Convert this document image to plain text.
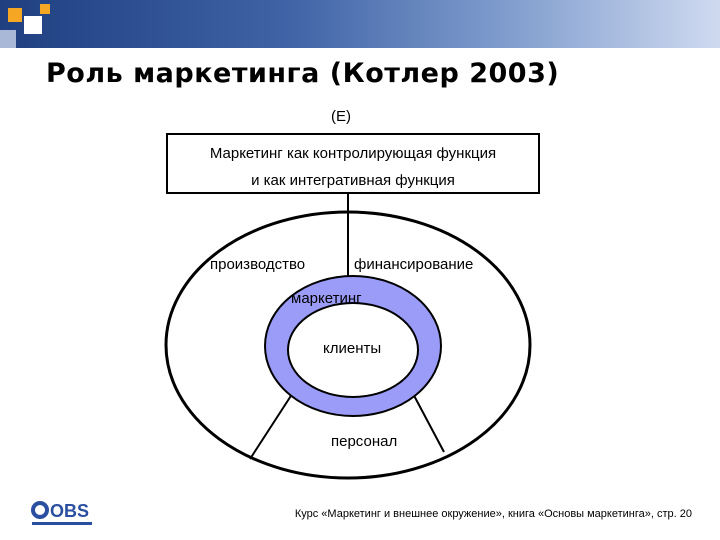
Роль маркетинга (Котлер 2003)
(E)
Маркетинг как контролирующая функция
и как интегративная функция
производство	финансирование
маркетинг
клиенты
персонал
OBS	Курс «Маркетинг и внешнее окружение», книга «Основы маркетинга», стр. 20
